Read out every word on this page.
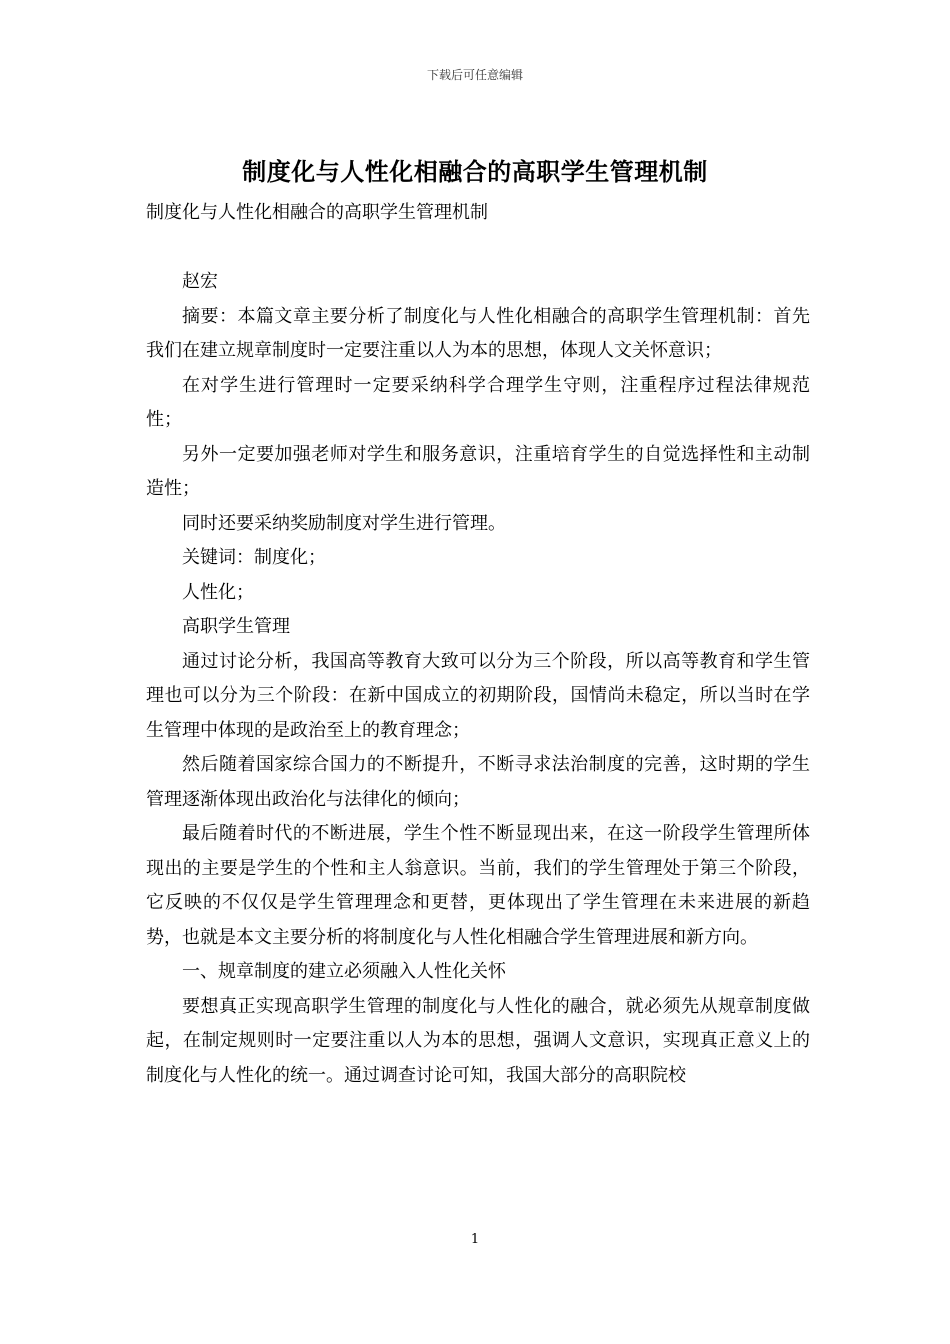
下载后可任意编辑
制度化与人性化相融合的高职学生管理机制

制度化与人性化相融合的高职学生管理机制

赵宏

摘要：本篇文章主要分析了制度化与人性化相融合的高职学生管理机制：首先我们在建立规章制度时一定要注重以人为本的思想，体现人文关怀意识；

在对学生进行管理时一定要采纳科学合理学生守则，注重程序过程法律规范性；

另外一定要加强老师对学生和服务意识，注重培育学生的自觉选择性和主动制造性；

同时还要采纳奖励制度对学生进行管理。

关键词：制度化；

人性化；

高职学生管理

通过讨论分析，我国高等教育大致可以分为三个阶段，所以高等教育和学生管理也可以分为三个阶段：在新中国成立的初期阶段，国情尚未稳定，所以当时在学生管理中体现的是政治至上的教育理念；

然后随着国家综合国力的不断提升，不断寻求法治制度的完善，这时期的学生管理逐渐体现出政治化与法律化的倾向；

最后随着时代的不断进展，学生个性不断显现出来，在这一阶段学生管理所体现出的主要是学生的个性和主人翁意识。当前，我们的学生管理处于第三个阶段，它反映的不仅仅是学生管理理念和更替，更体现出了学生管理在未来进展的新趋势，也就是本文主要分析的将制度化与人性化相融合学生管理进展和新方向。

一、规章制度的建立必须融入人性化关怀

要想真正实现高职学生管理的制度化与人性化的融合，就必须先从规章制度做起，在制定规则时一定要注重以人为本的思想，强调人文意识，实现真正意义上的制度化与人性化的统一。通过调查讨论可知，我国大部分的高职院校

1
